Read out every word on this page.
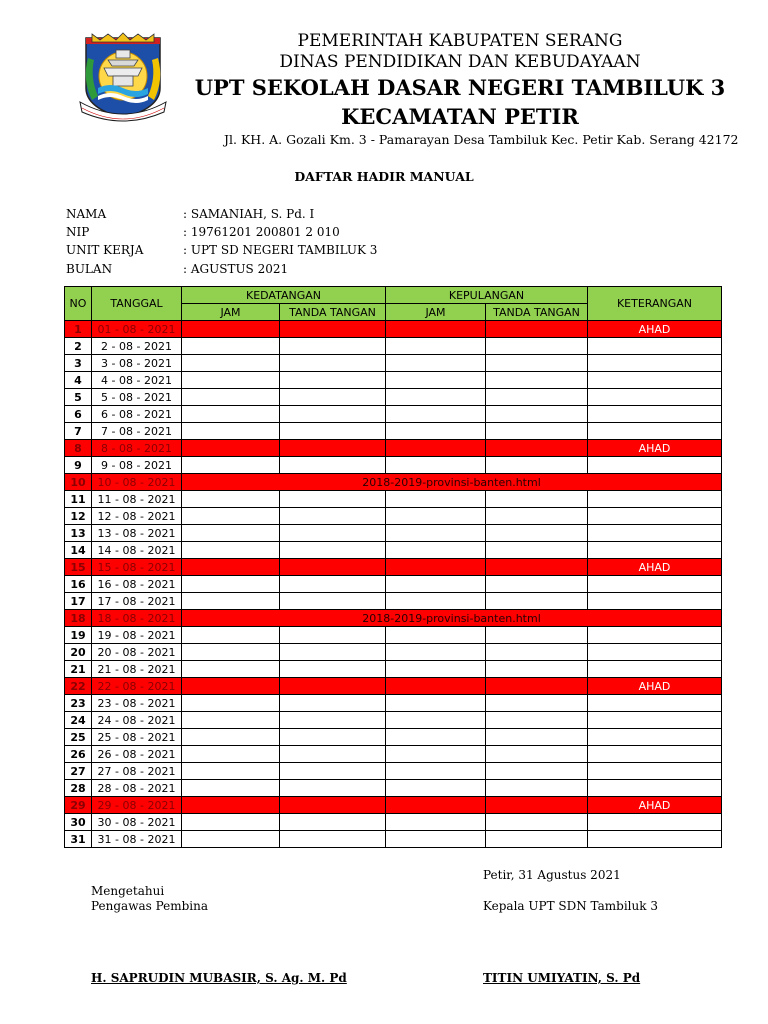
PEMERINTAH KABUPATEN SERANG
DINAS PENDIDIKAN DAN KEBUDAYAAN
UPT SEKOLAH DASAR NEGERI TAMBILUK 3
KECAMATAN PETIR
Jl. KH. A. Gozali Km. 3 - Pamarayan Desa Tambiluk Kec. Petir Kab. Serang 42172
DAFTAR HADIR MANUAL
NAMA	: SAMANIAH, S. Pd. I
NIP	: 19761201 200801 2 010
UNIT KERJA	: UPT SD NEGERI TAMBILUK 3
BULAN	: AGUSTUS 2021
NO	TANGGAL	KEDATANGAN		KEPULANGAN		KETERANGAN
		JAM	TANDA TANGAN	JAM	TANDA TANGAN	
1	01 - 08 - 2021					AHAD
2	2 - 08 - 2021					
3	3 - 08 - 2021					
4	4 - 08 - 2021					
5	5 - 08 - 2021					
6	6 - 08 - 2021					
7	7 - 08 - 2021					
8	8 - 08 - 2021					AHAD
9	9 - 08 - 2021					
10	10 - 08 - 2021	2018-2019-provinsi-banten.html				
11	11 - 08 - 2021					
12	12 - 08 - 2021					
13	13 - 08 - 2021					
14	14 - 08 - 2021					
15	15 - 08 - 2021					AHAD
16	16 - 08 - 2021					
17	17 - 08 - 2021					
18	18 - 08 - 2021	2018-2019-provinsi-banten.html				
19	19 - 08 - 2021					
20	20 - 08 - 2021					
21	21 - 08 - 2021					
22	22 - 08 - 2021					AHAD
23	23 - 08 - 2021					
24	24 - 08 - 2021					
25	25 - 08 - 2021					
26	26 - 08 - 2021					
27	27 - 08 - 2021					
28	28 - 08 - 2021					
29	29 - 08 - 2021					AHAD
30	30 - 08 - 2021					
31	31 - 08 - 2021					
Petir, 31 Agustus 2021
Mengetahui
Pengawas Pembina	Kepala UPT SDN Tambiluk 3
H. SAPRUDIN MUBASIR, S. Ag. M. Pd	TITIN UMIYATIN, S. Pd
